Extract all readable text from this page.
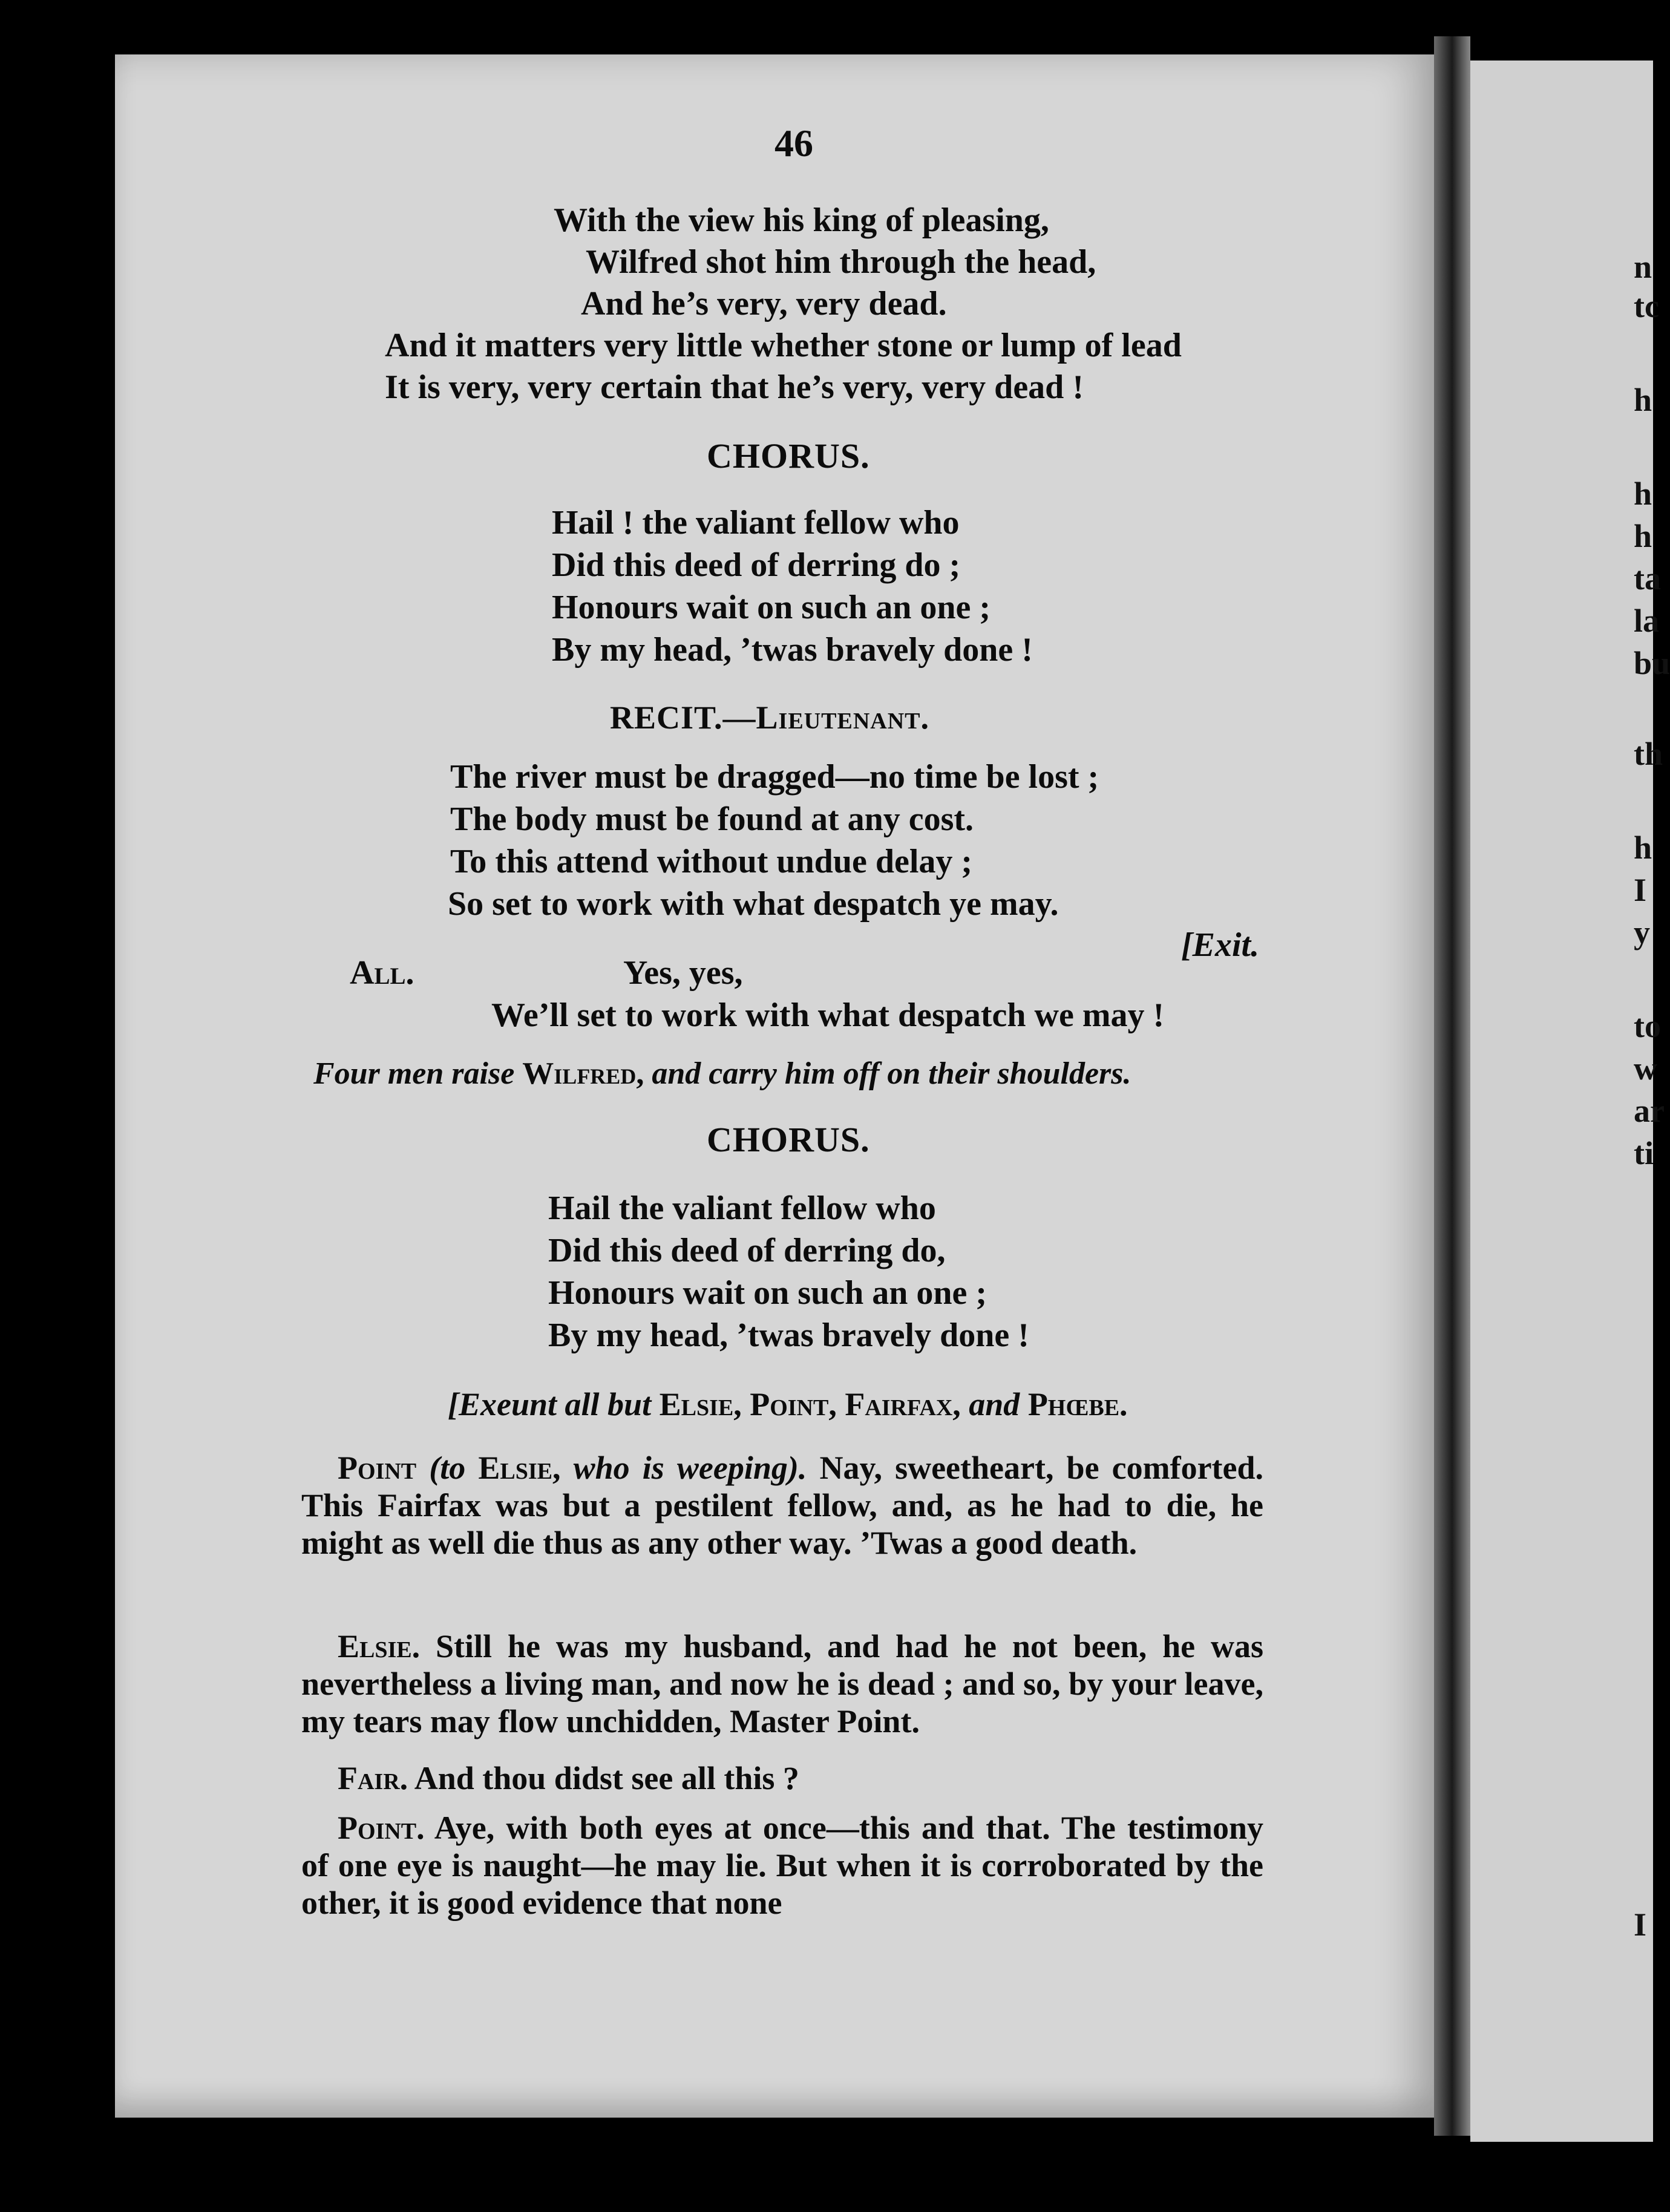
46
With the view his king of pleasing,
Wilfred shot him through the head,
And he’s very, very dead.
And it matters very little whether stone or lump of lead
It is very, very certain that he’s very, very dead !
CHORUS.
Hail ! the valiant fellow who
Did this deed of derring do ;
Honours wait on such an one ;
By my head, ’twas bravely done !
RECIT.—Lieutenant.
The river must be dragged—no time be lost ;
The body must be found at any cost.
To this attend without undue delay ;
So set to work with what despatch ye may.
[Exit.
All.	Yes, yes,
We’ll set to work with what despatch we may !
Four men raise Wilfred, and carry him off on their shoulders.
CHORUS.
Hail the valiant fellow who
Did this deed of derring do,
Honours wait on such an one ;
By my head, ’twas bravely done !
[Exeunt all but Elsie, Point, Fairfax, and Phœbe.
Point (to Elsie, who is weeping). Nay, sweetheart, be comforted. This Fairfax was but a pestilent fellow, and, as he had to die, he might as well die thus as any other way. ’Twas a good death.
Elsie. Still he was my husband, and had he not been, he was nevertheless a living man, and now he is dead ; and so, by your leave, my tears may flow unchidden, Master Point.
Fair. And thou didst see all this ?
Point. Aye, with both eyes at once—this and that. The testimony of one eye is naught—he may lie. But when it is corroborated by the other, it is good evidence that none
n
tc
h
h
h
ta
la
bu
th
h
I
y
to
w
ar
ti
I
